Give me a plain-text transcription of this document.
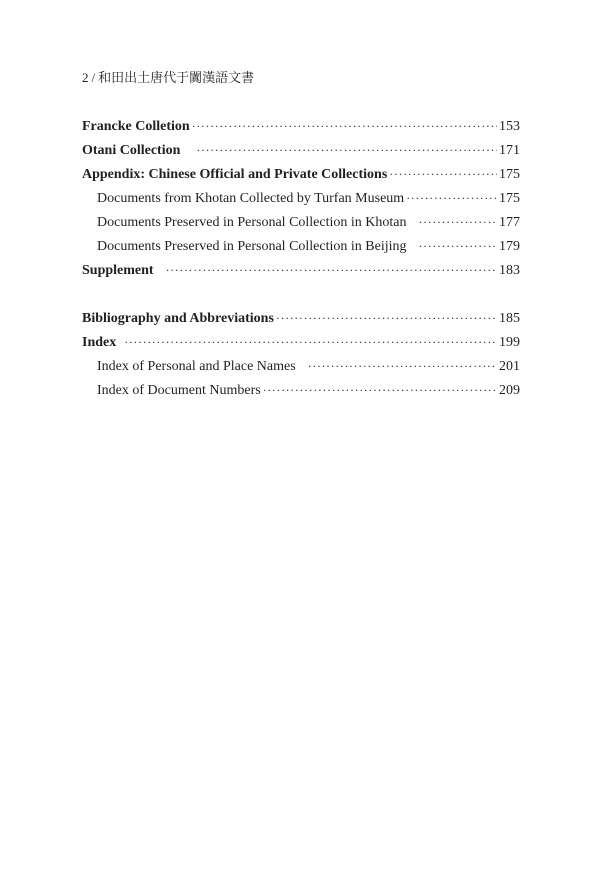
2 / 和田出土唐代于闐漢語文書
Francke Colletion ·····	153
Otani Collection ·····	171
Appendix: Chinese Official and Private Collections ·····	175
Documents from Khotan Collected by Turfan Museum ·····	175
Documents Preserved in Personal Collection in Khotan ·····	177
Documents Preserved in Personal Collection in Beijing ·····	179
Supplement ·····	183
Bibliography and Abbreviations ·····	185
Index ·····	199
Index of Personal and Place Names ·····	201
Index of Document Numbers ·····	209
